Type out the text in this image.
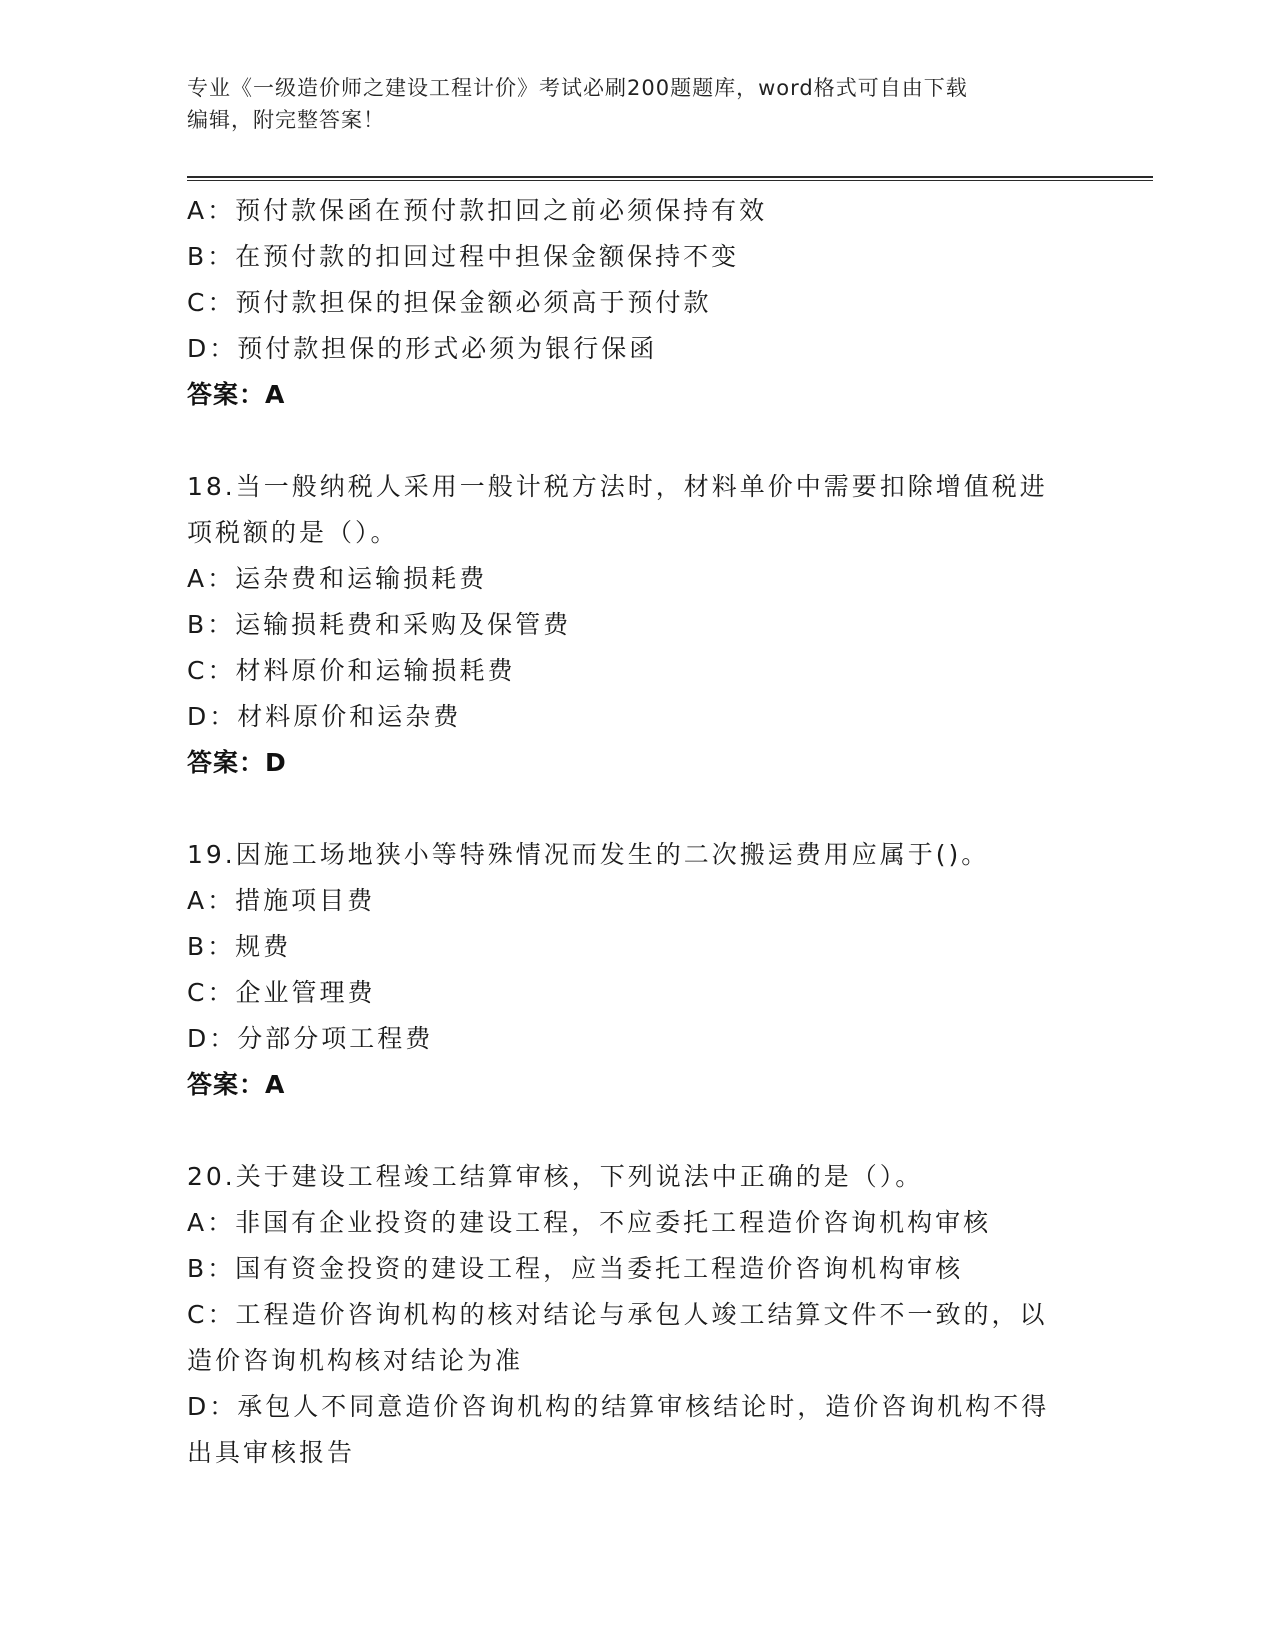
专业《一级造价师之建设工程计价》考试必刷200题题库，word格式可自由下载
编辑，附完整答案！
A：预付款保函在预付款扣回之前必须保持有效
B：在预付款的扣回过程中担保金额保持不变
C：预付款担保的担保金额必须高于预付款
D：预付款担保的形式必须为银行保函
答案：A
18.当一般纳税人采用一般计税方法时，材料单价中需要扣除增值税进
项税额的是（）。
A：运杂费和运输损耗费
B：运输损耗费和采购及保管费
C：材料原价和运输损耗费
D：材料原价和运杂费
答案：D
19.因施工场地狭小等特殊情况而发生的二次搬运费用应属于()。
A：措施项目费
B：规费
C：企业管理费
D：分部分项工程费
答案：A
20.关于建设工程竣工结算审核，下列说法中正确的是（）。
A：非国有企业投资的建设工程，不应委托工程造价咨询机构审核
B：国有资金投资的建设工程，应当委托工程造价咨询机构审核
C：工程造价咨询机构的核对结论与承包人竣工结算文件不一致的，以
造价咨询机构核对结论为准
D：承包人不同意造价咨询机构的结算审核结论时，造价咨询机构不得
出具审核报告
